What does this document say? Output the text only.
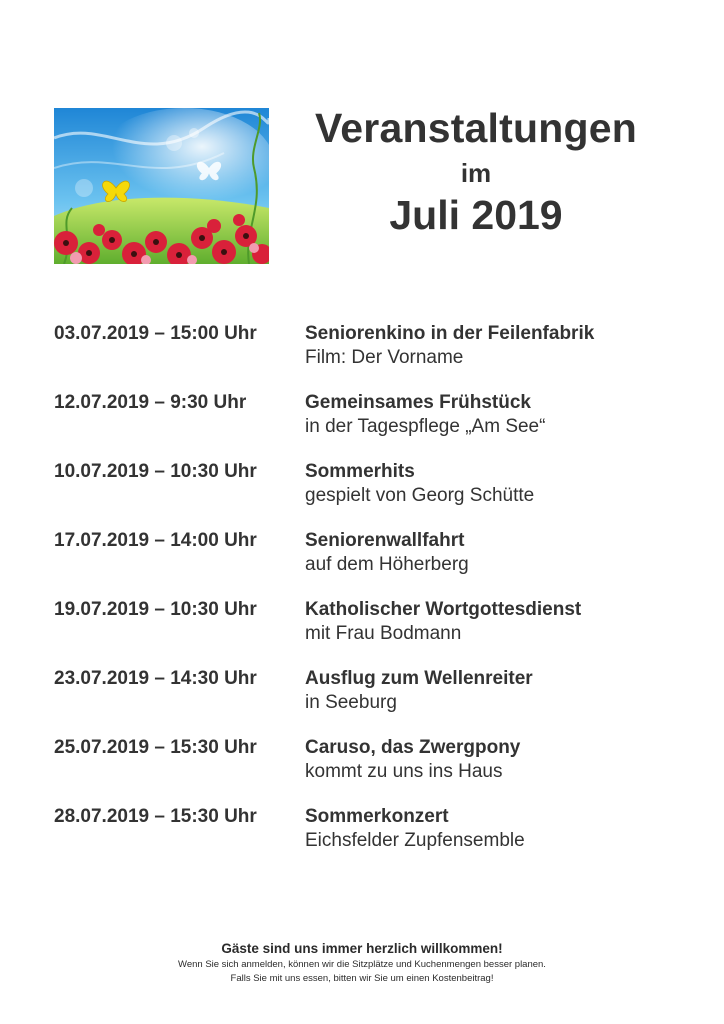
Veranstaltungen
im
Juli 2019
03.07.2019 – 15:00 Uhr	Seniorenkino in der Feilenfabrik
Film: Der Vorname
12.07.2019 – 9:30 Uhr	Gemeinsames Frühstück
in der Tagespflege „Am See“
10.07.2019 – 10:30 Uhr	Sommerhits
gespielt von Georg Schütte
17.07.2019 – 14:00 Uhr	Seniorenwallfahrt
auf dem Höherberg
19.07.2019 – 10:30 Uhr	Katholischer Wortgottesdienst
mit Frau Bodmann
23.07.2019 – 14:30 Uhr	Ausflug zum Wellenreiter
in Seeburg
25.07.2019 – 15:30 Uhr	Caruso, das Zwergpony
kommt zu uns ins Haus
28.07.2019 – 15:30 Uhr	Sommerkonzert
Eichsfelder Zupfensemble
Gäste sind uns immer herzlich willkommen!
Wenn Sie sich anmelden, können wir die Sitzplätze und Kuchenmengen besser planen.
Falls Sie mit uns essen, bitten wir Sie um einen Kostenbeitrag!
